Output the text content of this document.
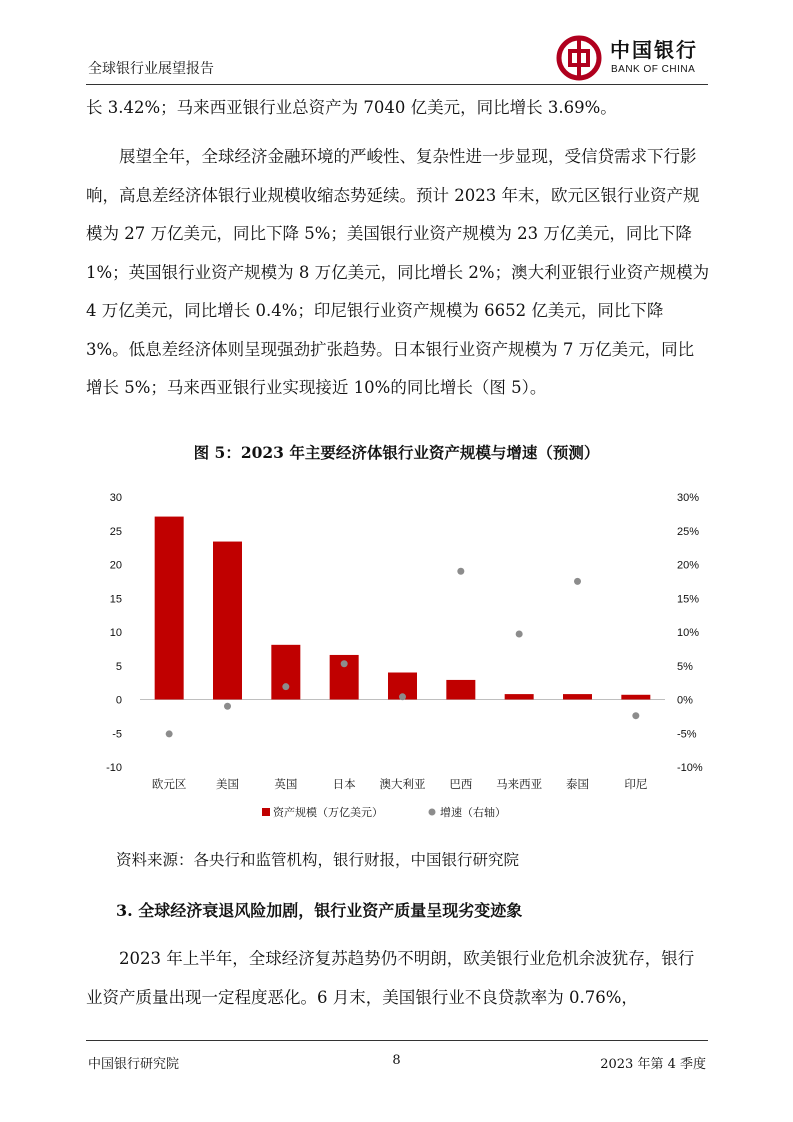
全球银行业展望报告
中国银行
BANK OF CHINA

长 3.42%；马来西亚银行业总资产为 7040 亿美元，同比增长 3.69%。

展望全年，全球经济金融环境的严峻性、复杂性进一步显现，受信贷需求下行影响，高息差经济体银行业规模收缩态势延续。预计 2023 年末，欧元区银行业资产规模为 27 万亿美元，同比下降 5%；美国银行业资产规模为 23 万亿美元，同比下降 1%；英国银行业资产规模为 8 万亿美元，同比增长 2%；澳大利亚银行业资产规模为 4 万亿美元，同比增长 0.4%；印尼银行业资产规模为 6652 亿美元，同比下降 3%。低息差经济体则呈现强劲扩张趋势。日本银行业资产规模为 7 万亿美元，同比增长 5%；马来西亚银行业实现接近 10%的同比增长（图 5）。

图 5：2023 年主要经济体银行业资产规模与增速（预测）
30
25
20
15
10
5
0
-5
-10
30%
25%
20%
15%
10%
5%
0%
-5%
-10%
欧元区	美国	英国	日本 澳大利亚 巴西 马来西亚 泰国	印尼
资产规模（万亿美元）	增速（右轴）
资料来源：各央行和监管机构，银行财报，中国银行研究院
3. 全球经济衰退风险加剧，银行业资产质量呈现劣变迹象

2023 年上半年，全球经济复苏趋势仍不明朗，欧美银行业危机余波犹存，银行业资产质量出现一定程度恶化。6 月末，美国银行业不良贷款率为 0.76%，

中国银行研究院	8	2023 年第 4 季度
